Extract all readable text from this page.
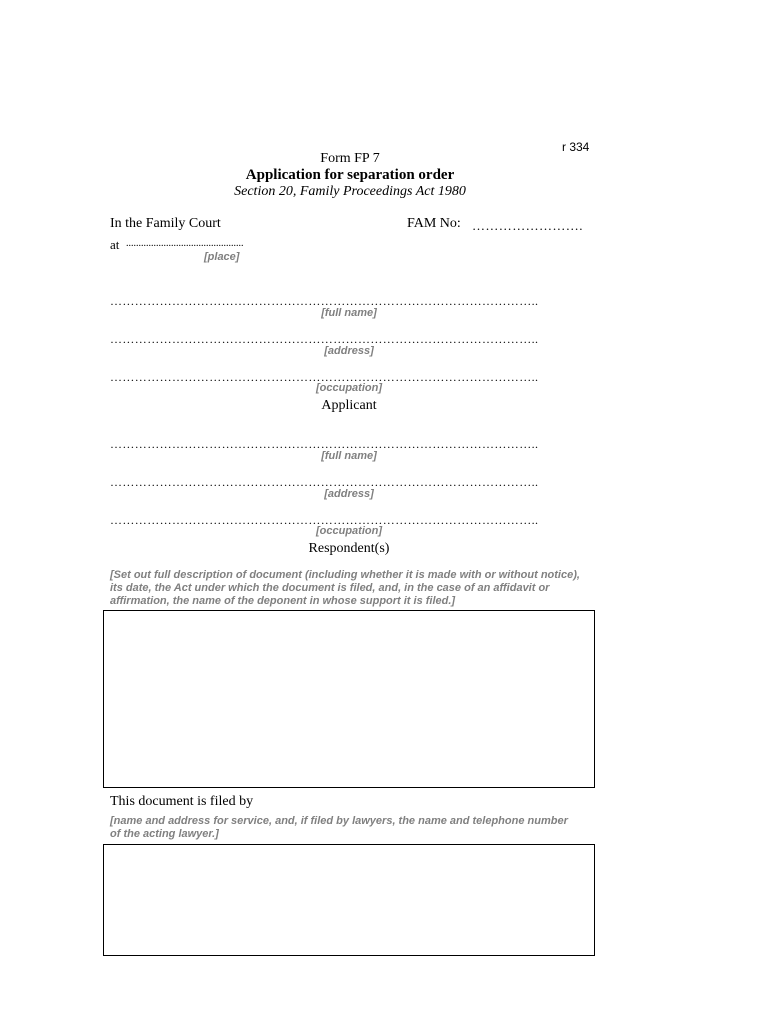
r 334
Form FP 7
Application for separation order
Section 20, Family Proceedings Act 1980
In the Family Court	FAM No: …………………….
at ...............................................
[place]
…………………………………………………………………………………………..
[full name]
…………………………………………………………………………………………..
[address]
…………………………………………………………………………………………..
[occupation]
Applicant
…………………………………………………………………………………………..
[full name]
…………………………………………………………………………………………..
[address]
…………………………………………………………………………………………..
[occupation]
Respondent(s)
[Set out full description of document (including whether it is made with or without notice), its date, the Act under which the document is filed, and, in the case of an affidavit or affirmation, the name of the deponent in whose support it is filed.]
This document is filed by
[name and address for service, and, if filed by lawyers, the name and telephone number of the acting lawyer.]
